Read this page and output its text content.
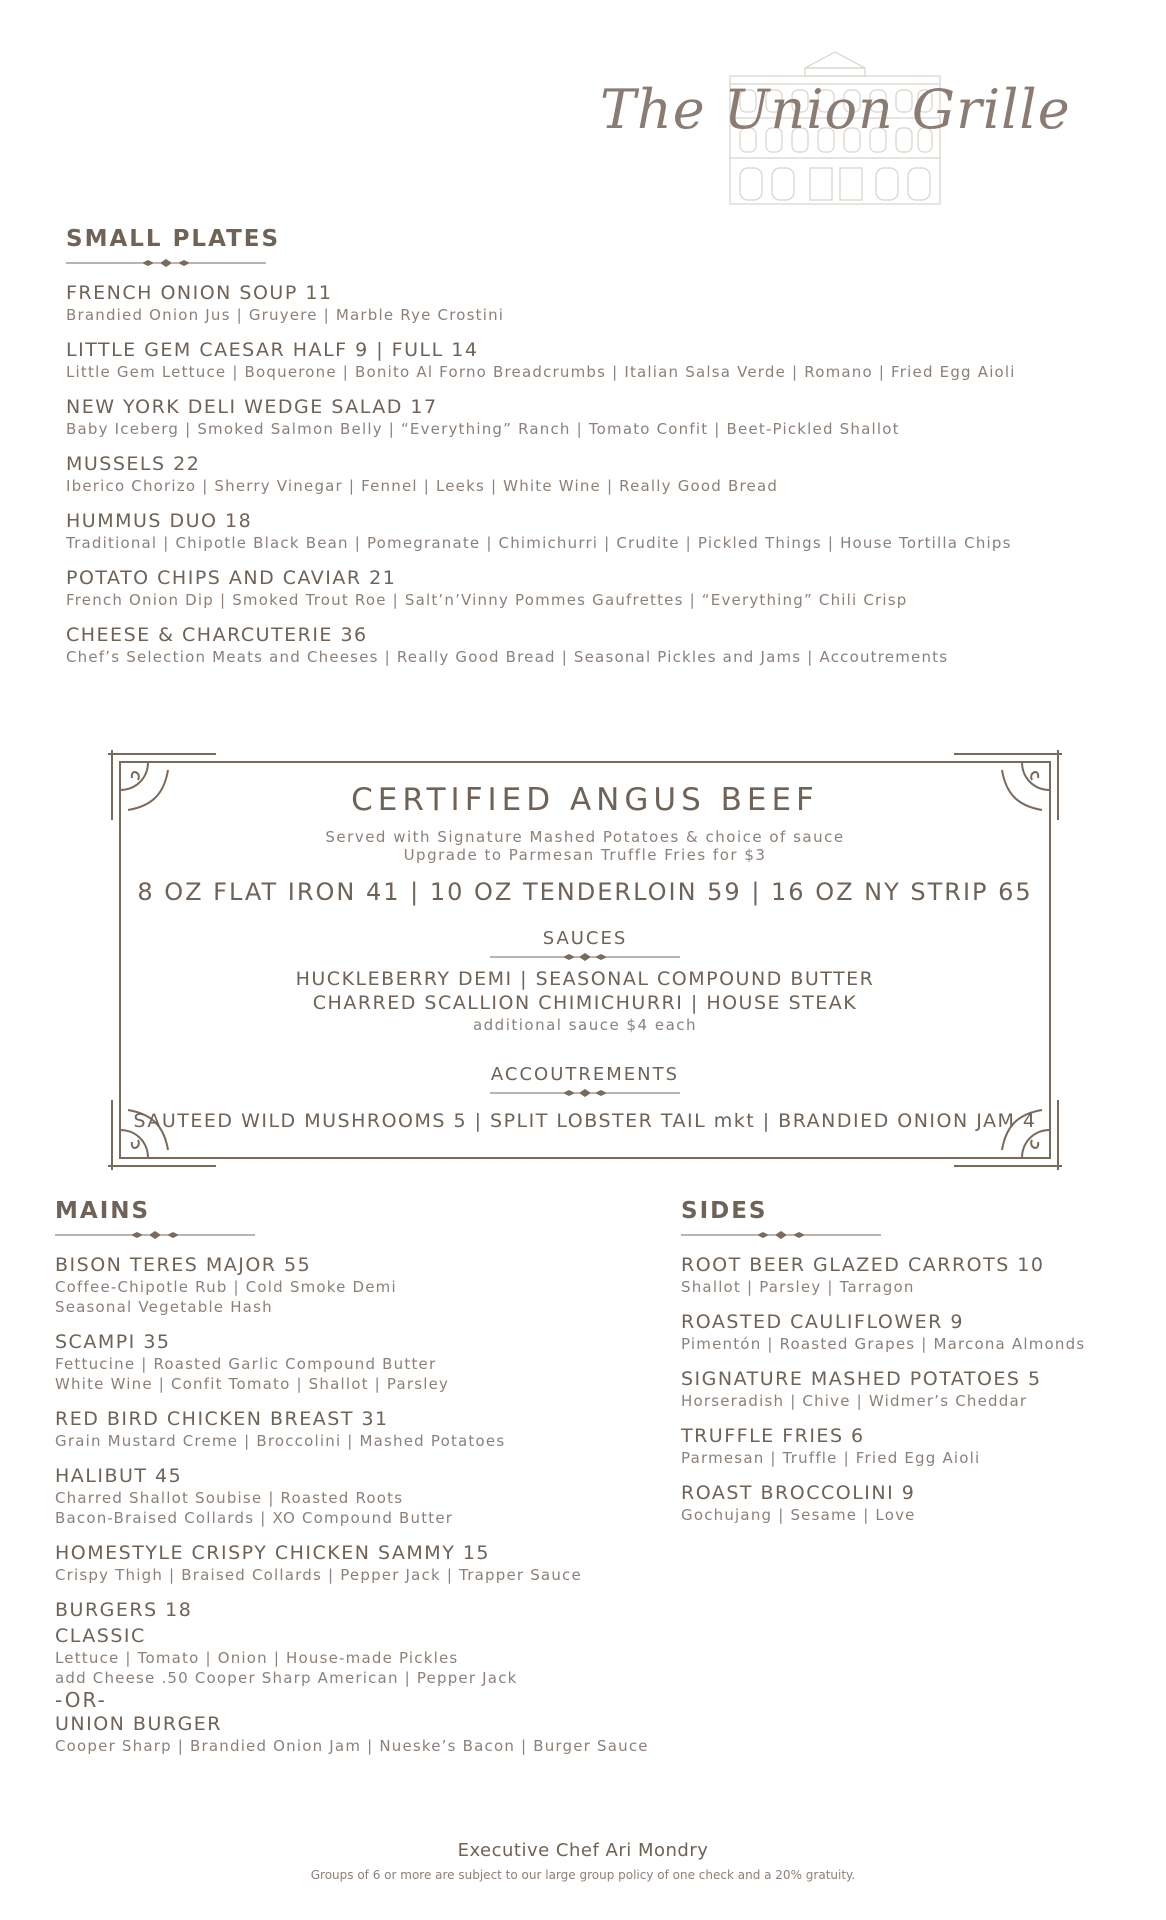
The Union Grille
SMALL PLATES
FRENCH ONION SOUP 11
Brandied Onion Jus | Gruyere | Marble Rye Crostini
LITTLE GEM CAESAR HALF 9 | FULL 14
Little Gem Lettuce | Boquerone | Bonito Al Forno Breadcrumbs | Italian Salsa Verde | Romano | Fried Egg Aioli
NEW YORK DELI WEDGE SALAD 17
Baby Iceberg | Smoked Salmon Belly | “Everything” Ranch | Tomato Confit | Beet-Pickled Shallot
MUSSELS 22
Iberico Chorizo | Sherry Vinegar | Fennel | Leeks | White Wine | Really Good Bread
HUMMUS DUO 18
Traditional | Chipotle Black Bean | Pomegranate | Chimichurri | Crudite | Pickled Things | House Tortilla Chips
POTATO CHIPS AND CAVIAR 21
French Onion Dip | Smoked Trout Roe | Salt’n’Vinny Pommes Gaufrettes | “Everything” Chili Crisp
CHEESE & CHARCUTERIE 36
Chef’s Selection Meats and Cheeses | Really Good Bread | Seasonal Pickles and Jams | Accoutrements
CERTIFIED ANGUS BEEF
Served with Signature Mashed Potatoes & choice of sauce
Upgrade to Parmesan Truffle Fries for $3
8 OZ FLAT IRON 41 | 10 OZ TENDERLOIN 59 | 16 OZ NY STRIP 65
SAUCES
HUCKLEBERRY DEMI | SEASONAL COMPOUND BUTTER
CHARRED SCALLION CHIMICHURRI | HOUSE STEAK
additional sauce $4 each
ACCOUTREMENTS
SAUTEED WILD MUSHROOMS 5 | SPLIT LOBSTER TAIL mkt | BRANDIED ONION JAM 4
MAINS
BISON TERES MAJOR 55
Coffee-Chipotle Rub | Cold Smoke Demi
Seasonal Vegetable Hash
SCAMPI 35
Fettucine | Roasted Garlic Compound Butter
White Wine | Confit Tomato | Shallot | Parsley
RED BIRD CHICKEN BREAST 31
Grain Mustard Creme | Broccolini | Mashed Potatoes
HALIBUT 45
Charred Shallot Soubise | Roasted Roots
Bacon-Braised Collards | XO Compound Butter
HOMESTYLE CRISPY CHICKEN SAMMY 15
Crispy Thigh | Braised Collards | Pepper Jack | Trapper Sauce
BURGERS 18
CLASSIC
Lettuce | Tomato | Onion | House-made Pickles
add Cheese .50 Cooper Sharp American | Pepper Jack
-OR-
UNION BURGER
Cooper Sharp | Brandied Onion Jam | Nueske’s Bacon | Burger Sauce
SIDES
ROOT BEER GLAZED CARROTS 10
Shallot | Parsley | Tarragon
ROASTED CAULIFLOWER 9
Pimentón | Roasted Grapes | Marcona Almonds
SIGNATURE MASHED POTATOES 5
Horseradish | Chive | Widmer’s Cheddar
TRUFFLE FRIES 6
Parmesan | Truffle | Fried Egg Aioli
ROAST BROCCOLINI 9
Gochujang | Sesame | Love
Executive Chef Ari Mondry
Groups of 6 or more are subject to our large group policy of one check and a 20% gratuity.
